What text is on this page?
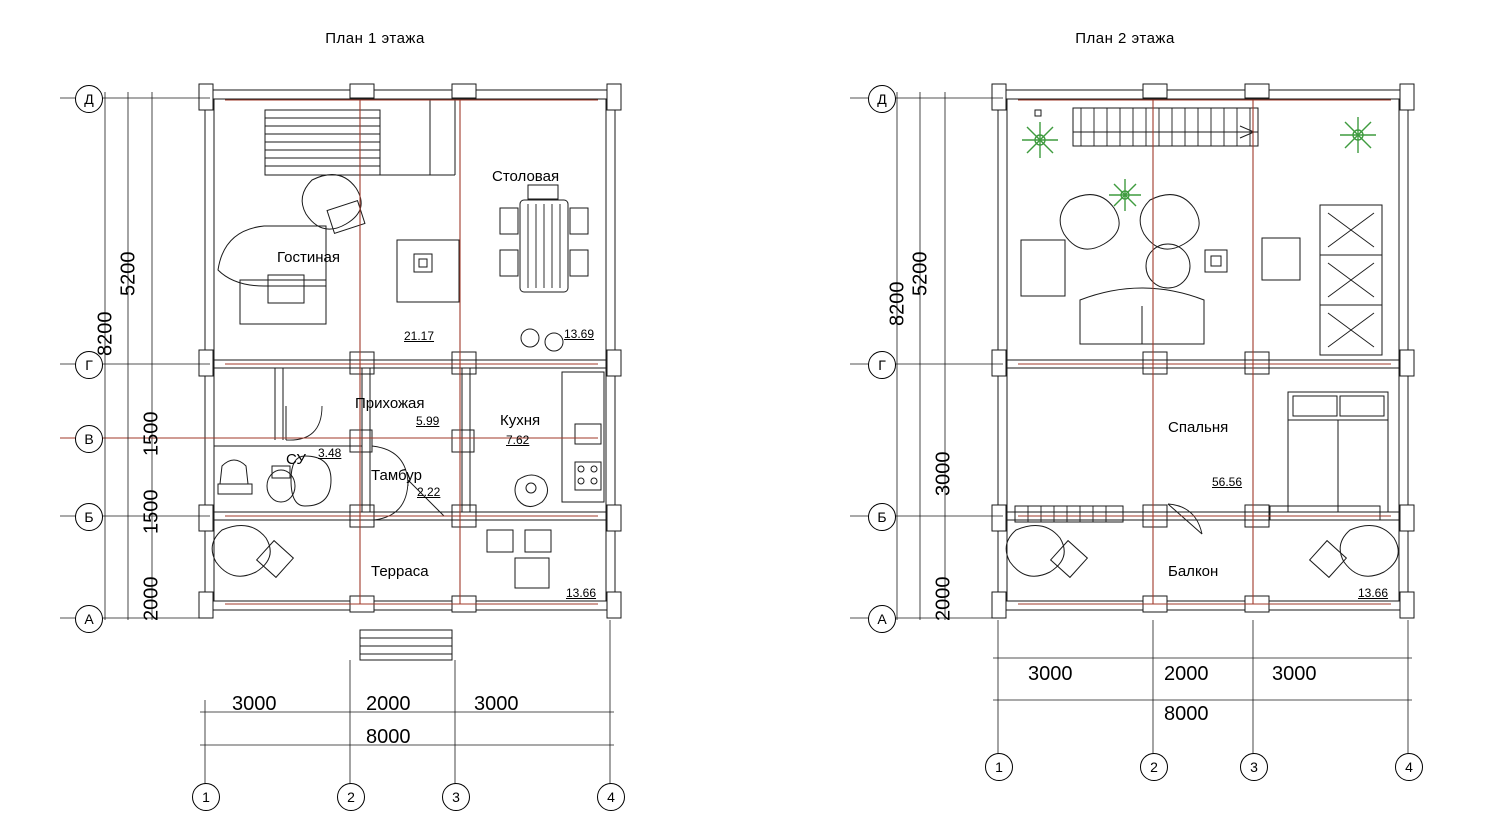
План 1 этажа
Гостиная
21.17
Столовая
13.69
Прихожая
5.99	Кухня
7.62
СУ 3.48
Тамбур
2.22
Терраса
13.66
5200
8200
1500
1500
2000
3000	2000	3000
8000
Д
Г
В
Б
А
1	2	3	4
План 2 этажа
Спальня
56.56
Балкон
13.66
5200
8200
3000
2000
3000	2000	3000
8000
Д
Г
Б
А
1	2	3	4
